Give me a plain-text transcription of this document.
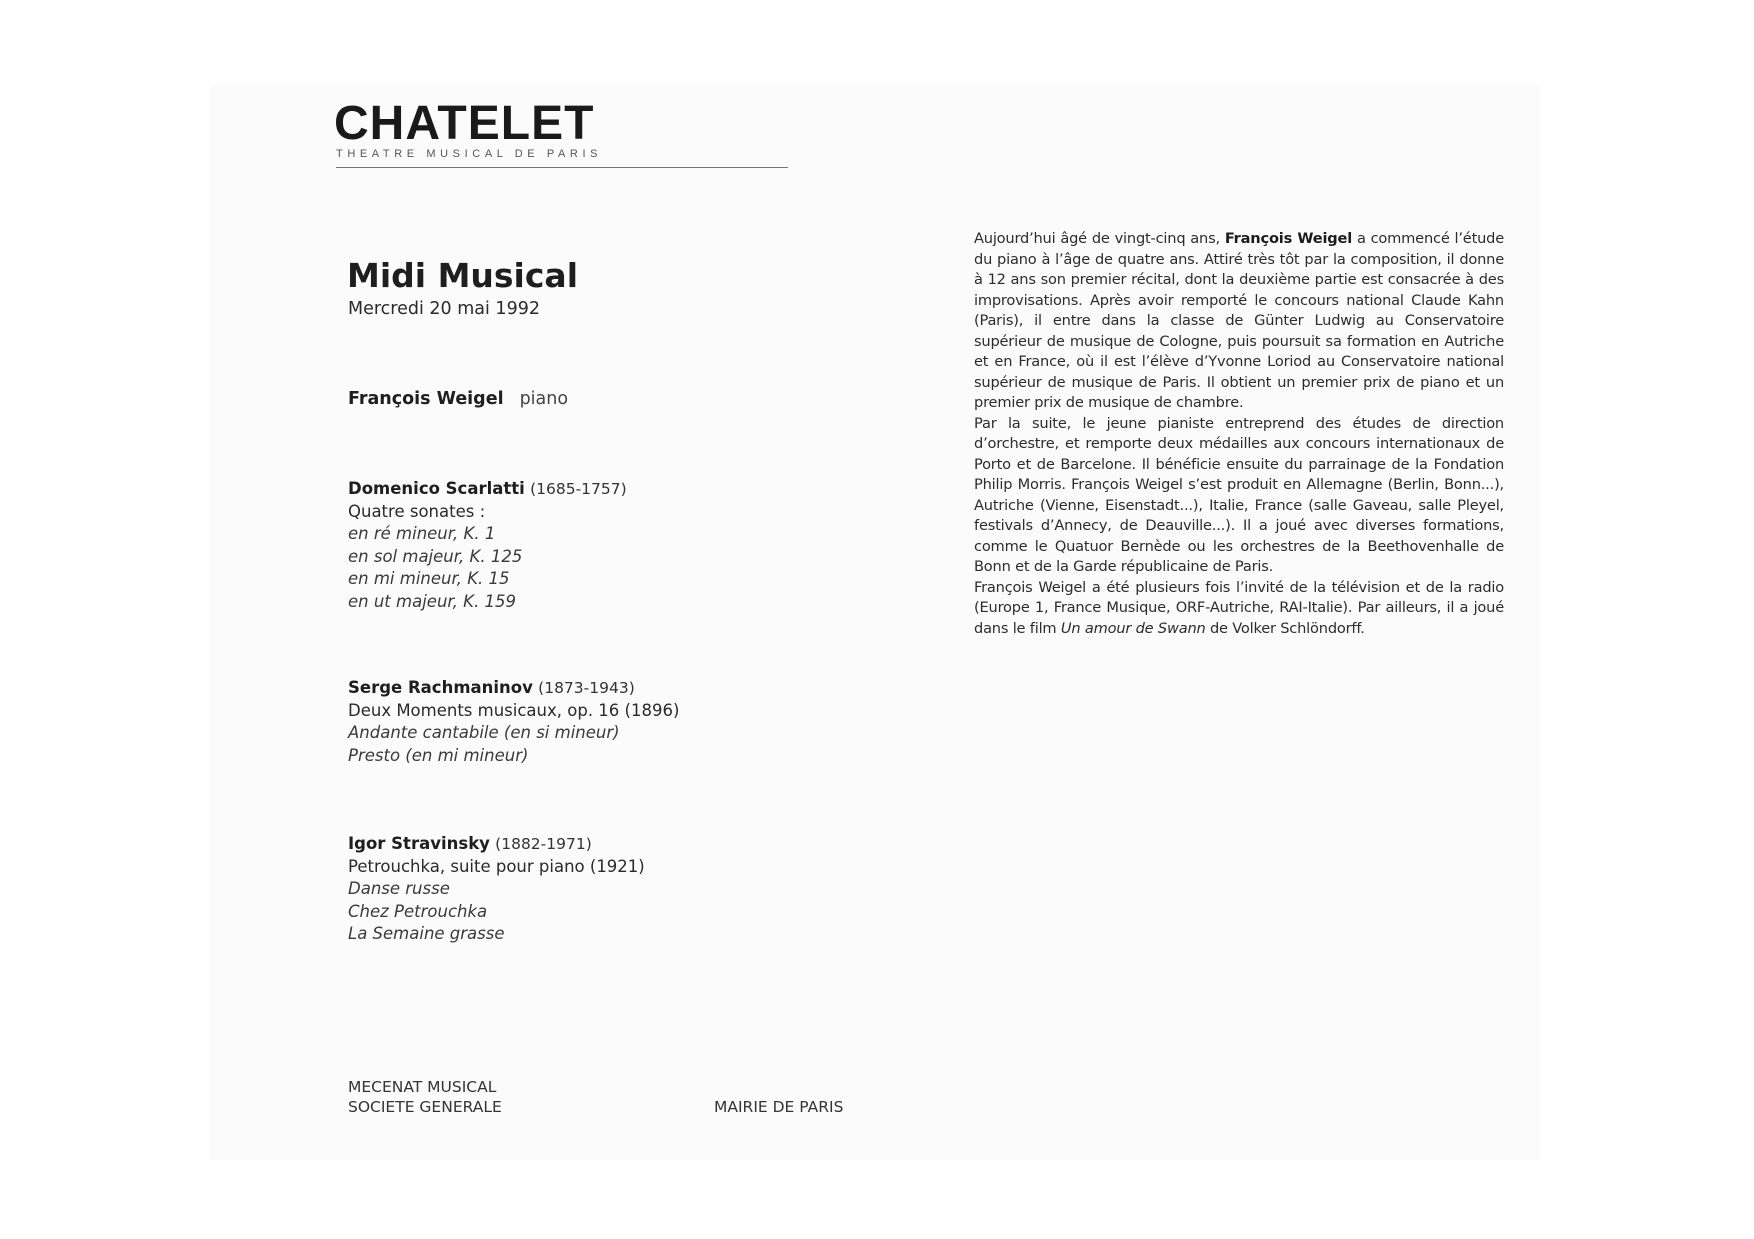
CHATELET
THEATRE MUSICAL DE PARIS
Midi Musical
Mercredi 20 mai 1992
François Weigel piano
Domenico Scarlatti (1685-1757)
Quatre sonates :
en ré mineur, K. 1
en sol majeur, K. 125
en mi mineur, K. 15
en ut majeur, K. 159
Serge Rachmaninov (1873-1943)
Deux Moments musicaux, op. 16 (1896)
Andante cantabile (en si mineur)
Presto (en mi mineur)
Igor Stravinsky (1882-1971)
Petrouchka, suite pour piano (1921)
Danse russe
Chez Petrouchka
La Semaine grasse
MECENAT MUSICAL
SOCIETE GENERALE	MAIRIE DE PARIS

Aujourd’hui âgé de vingt-cinq ans, François Weigel a commencé l’étude du piano à l’âge de quatre ans. Attiré très tôt par la composition, il donne à 12 ans son premier récital, dont la deuxième partie est consacrée à des improvisations. Après avoir remporté le concours national Claude Kahn (Paris), il entre dans la classe de Günter Ludwig au Conservatoire supérieur de musique de Cologne, puis poursuit sa formation en Autriche et en France, où il est l’élève d’Yvonne Loriod au Conservatoire national supérieur de musique de Paris. Il obtient un premier prix de piano et un premier prix de musique de chambre.

Par la suite, le jeune pianiste entreprend des études de direction d’orchestre, et remporte deux médailles aux concours internationaux de Porto et de Barcelone. Il bénéficie ensuite du parrainage de la Fondation Philip Morris. François Weigel s’est produit en Allemagne (Berlin, Bonn...), Autriche (Vienne, Eisenstadt...), Italie, France (salle Gaveau, salle Pleyel, festivals d’Annecy, de Deauville...). Il a joué avec diverses formations, comme le Quatuor Bernède ou les orchestres de la Beethovenhalle de Bonn et de la Garde républicaine de Paris.

François Weigel a été plusieurs fois l’invité de la télévision et de la radio (Europe 1, France Musique, ORF-Autriche, RAI-Italie). Par ailleurs, il a joué dans le film Un amour de Swann de Volker Schlöndorff.
